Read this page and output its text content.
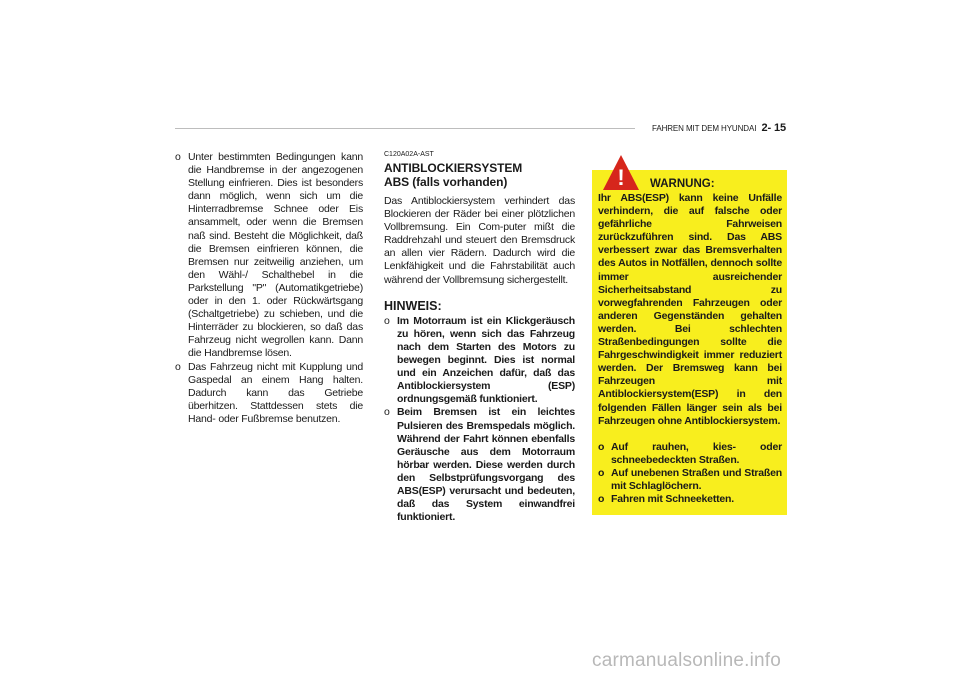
FAHREN MIT DEM HYUNDAI 2- 15
o Unter bestimmten Bedingungen kann die Handbremse in der angezogenen Stellung einfrieren. Dies ist besonders dann möglich, wenn sich um die Hinterradbremse Schnee oder Eis ansammelt, oder wenn die Bremsen naß sind. Besteht die Möglichkeit, daß die Bremsen einfrieren können, die Bremsen nur zeitweilig anziehen, um den Wähl-/ Schalthebel in die Parkstellung "P" (Automatikgetriebe) oder in den 1. oder Rückwärtsgang (Schaltgetriebe) zu schieben, und die Hinterräder zu blockieren, so daß das Fahrzeug nicht wegrollen kann. Dann die Handbremse lösen.
o Das Fahrzeug nicht mit Kupplung und Gaspedal an einem Hang halten. Dadurch kann das Getriebe überhitzen. Stattdessen stets die Hand- oder Fußbremse benutzen.
C120A02A-AST
ANTIBLOCKIERSYSTEM
ABS (falls vorhanden)

Das Antiblockiersystem verhindert das Blockieren der Räder bei einer plötzlichen Vollbremsung. Ein Com-puter mißt die Raddrehzahl und steuert den Bremsdruck an allen vier Rädern. Dadurch wird die Lenkfähigkeit und die Fahrstabilität auch während der Vollbremsung sichergestellt.

HINWEIS:
o Im Motorraum ist ein Klickgeräusch zu hören, wenn sich das Fahrzeug nach dem Starten des Motors zu bewegen beginnt. Dies ist normal und ein Anzeichen dafür, daß das Antiblockiersystem (ESP) ordnungsgemäß funktioniert.
o Beim Bremsen ist ein leichtes Pulsieren des Bremspedals möglich. Während der Fahrt können ebenfalls Geräusche aus dem Motorraum hörbar werden. Diese werden durch den Selbstprüfungsvorgang des ABS(ESP) verursacht und bedeuten, daß das System einwandfrei funktioniert.
WARNUNG:
Ihr ABS(ESP) kann keine Unfälle verhindern, die auf falsche oder gefährliche Fahrweisen zurückzuführen sind. Das ABS verbessert zwar das Bremsverhalten des Autos in Notfällen, dennoch sollte immer ausreichender Sicherheitsabstand zu vorwegfahrenden Fahrzeugen oder anderen Gegenständen gehalten werden. Bei schlechten Straßenbedingungen sollte die Fahrgeschwindigkeit immer reduziert werden. Der Bremsweg kann bei Fahrzeugen mit Antiblockiersystem(ESP) in den folgenden Fällen länger sein als bei Fahrzeugen ohne Antiblockiersystem.
o Auf rauhen, kies- oder schneebedeckten Straßen.
o Auf unebenen Straßen und Straßen mit Schlaglöchern.
o Fahren mit Schneeketten.
!
carmanualsonline.info
